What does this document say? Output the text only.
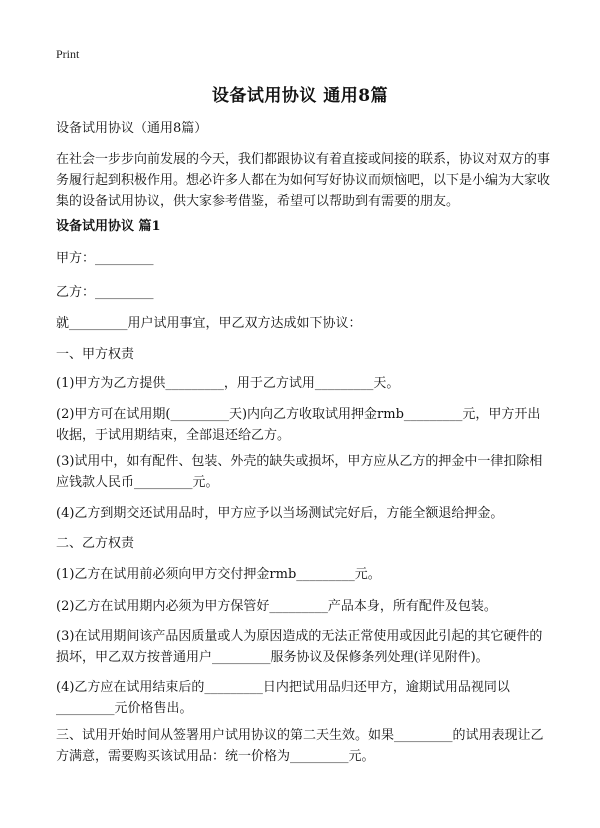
Print
设备试用协议 通用8篇

设备试用协议（通用8篇）

在社会一步步向前发展的今天，我们都跟协议有着直接或间接的联系，协议对双方的事务履行起到积极作用。想必许多人都在为如何写好协议而烦恼吧，以下是小编为大家收集的设备试用协议，供大家参考借鉴，希望可以帮助到有需要的朋友。

设备试用协议 篇1

甲方：_________

乙方：_________

就_________用户试用事宜，甲乙双方达成如下协议：

一、甲方权责

(1)甲方为乙方提供_________，用于乙方试用_________天。

(2)甲方可在试用期(_________天)内向乙方收取试用押金rmb_________元，甲方开出收据，于试用期结束，全部退还给乙方。

(3)试用中，如有配件、包装、外壳的缺失或损坏，甲方应从乙方的押金中一律扣除相应钱款人民币_________元。

(4)乙方到期交还试用品时，甲方应予以当场测试完好后，方能全额退给押金。

二、乙方权责

(1)乙方在试用前必须向甲方交付押金rmb_________元。

(2)乙方在试用期内必须为甲方保管好_________产品本身，所有配件及包装。

(3)在试用期间该产品因质量或人为原因造成的无法正常使用或因此引起的其它硬件的损坏，甲乙双方按普通用户_________服务协议及保修条列处理(详见附件)。

(4)乙方应在试用结束后的_________日内把试用品归还甲方，逾期试用品视同以_________元价格售出。

三、试用开始时间从签署用户试用协议的第二天生效。如果_________的试用表现让乙方满意，需要购买该试用品：统一价格为_________元。
